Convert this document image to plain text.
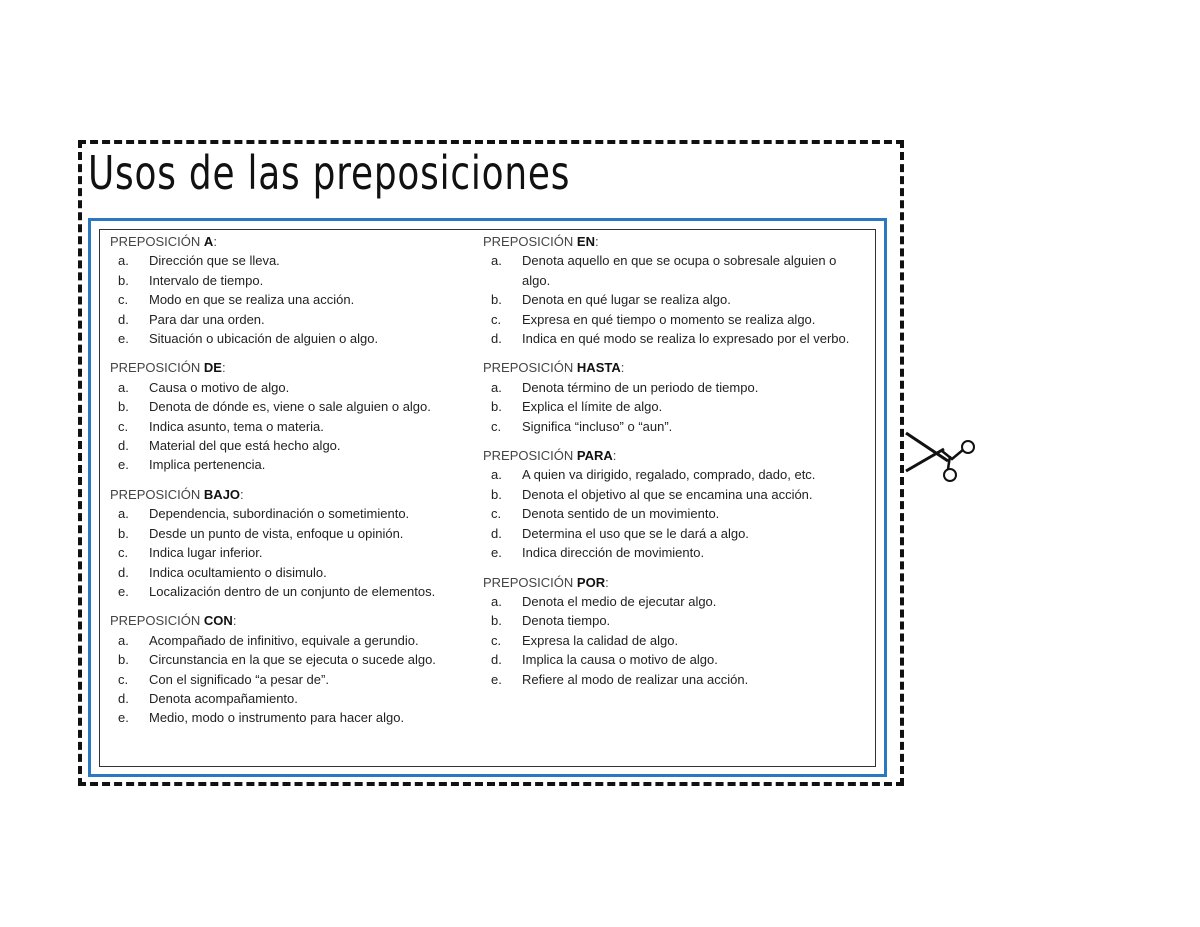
Usos de las preposiciones
PREPOSICIÓN A:
a.	Dirección que se lleva.
b.	Intervalo de tiempo.
c.	Modo en que se realiza una acción.
d.	Para dar una orden.
e.	Situación o ubicación de alguien o algo.
PREPOSICIÓN DE:
a.	Causa o motivo de algo.
b.	Denota de dónde es, viene o sale alguien o algo.
c.	Indica asunto, tema o materia.
d.	Material del que está hecho algo.
e.	Implica pertenencia.
PREPOSICIÓN BAJO:
a.	Dependencia, subordinación o sometimiento.
b.	Desde un punto de vista, enfoque u opinión.
c.	Indica lugar inferior.
d.	Indica ocultamiento o disimulo.
e.	Localización dentro de un conjunto de elementos.
PREPOSICIÓN CON:
a.	Acompañado de infinitivo, equivale a gerundio.
b.	Circunstancia en la que se ejecuta o sucede algo.
c.	Con el significado “a pesar de”.
d.	Denota acompañamiento.
e.	Medio, modo o instrumento para hacer algo.
PREPOSICIÓN EN:
a.	Denota aquello en que se ocupa o sobresale alguien o algo.
b.	Denota en qué lugar se realiza algo.
c.	Expresa en qué tiempo o momento se realiza algo.
d.	Indica en qué modo se realiza lo expresado por el verbo.
PREPOSICIÓN HASTA:
a.	Denota término de un periodo de tiempo.
b.	Explica el límite de algo.
c.	Significa “incluso” o “aun”.
PREPOSICIÓN PARA:
a.	A quien va dirigido, regalado, comprado, dado, etc.
b.	Denota el objetivo al que se encamina una acción.
c.	Denota sentido de un movimiento.
d.	Determina el uso que se le dará a algo.
e.	Indica dirección de movimiento.
PREPOSICIÓN POR:
a.	Denota el medio de ejecutar algo.
b.	Denota tiempo.
c.	Expresa la calidad de algo.
d.	Implica la causa o motivo de algo.
e.	Refiere al modo de realizar una acción.
